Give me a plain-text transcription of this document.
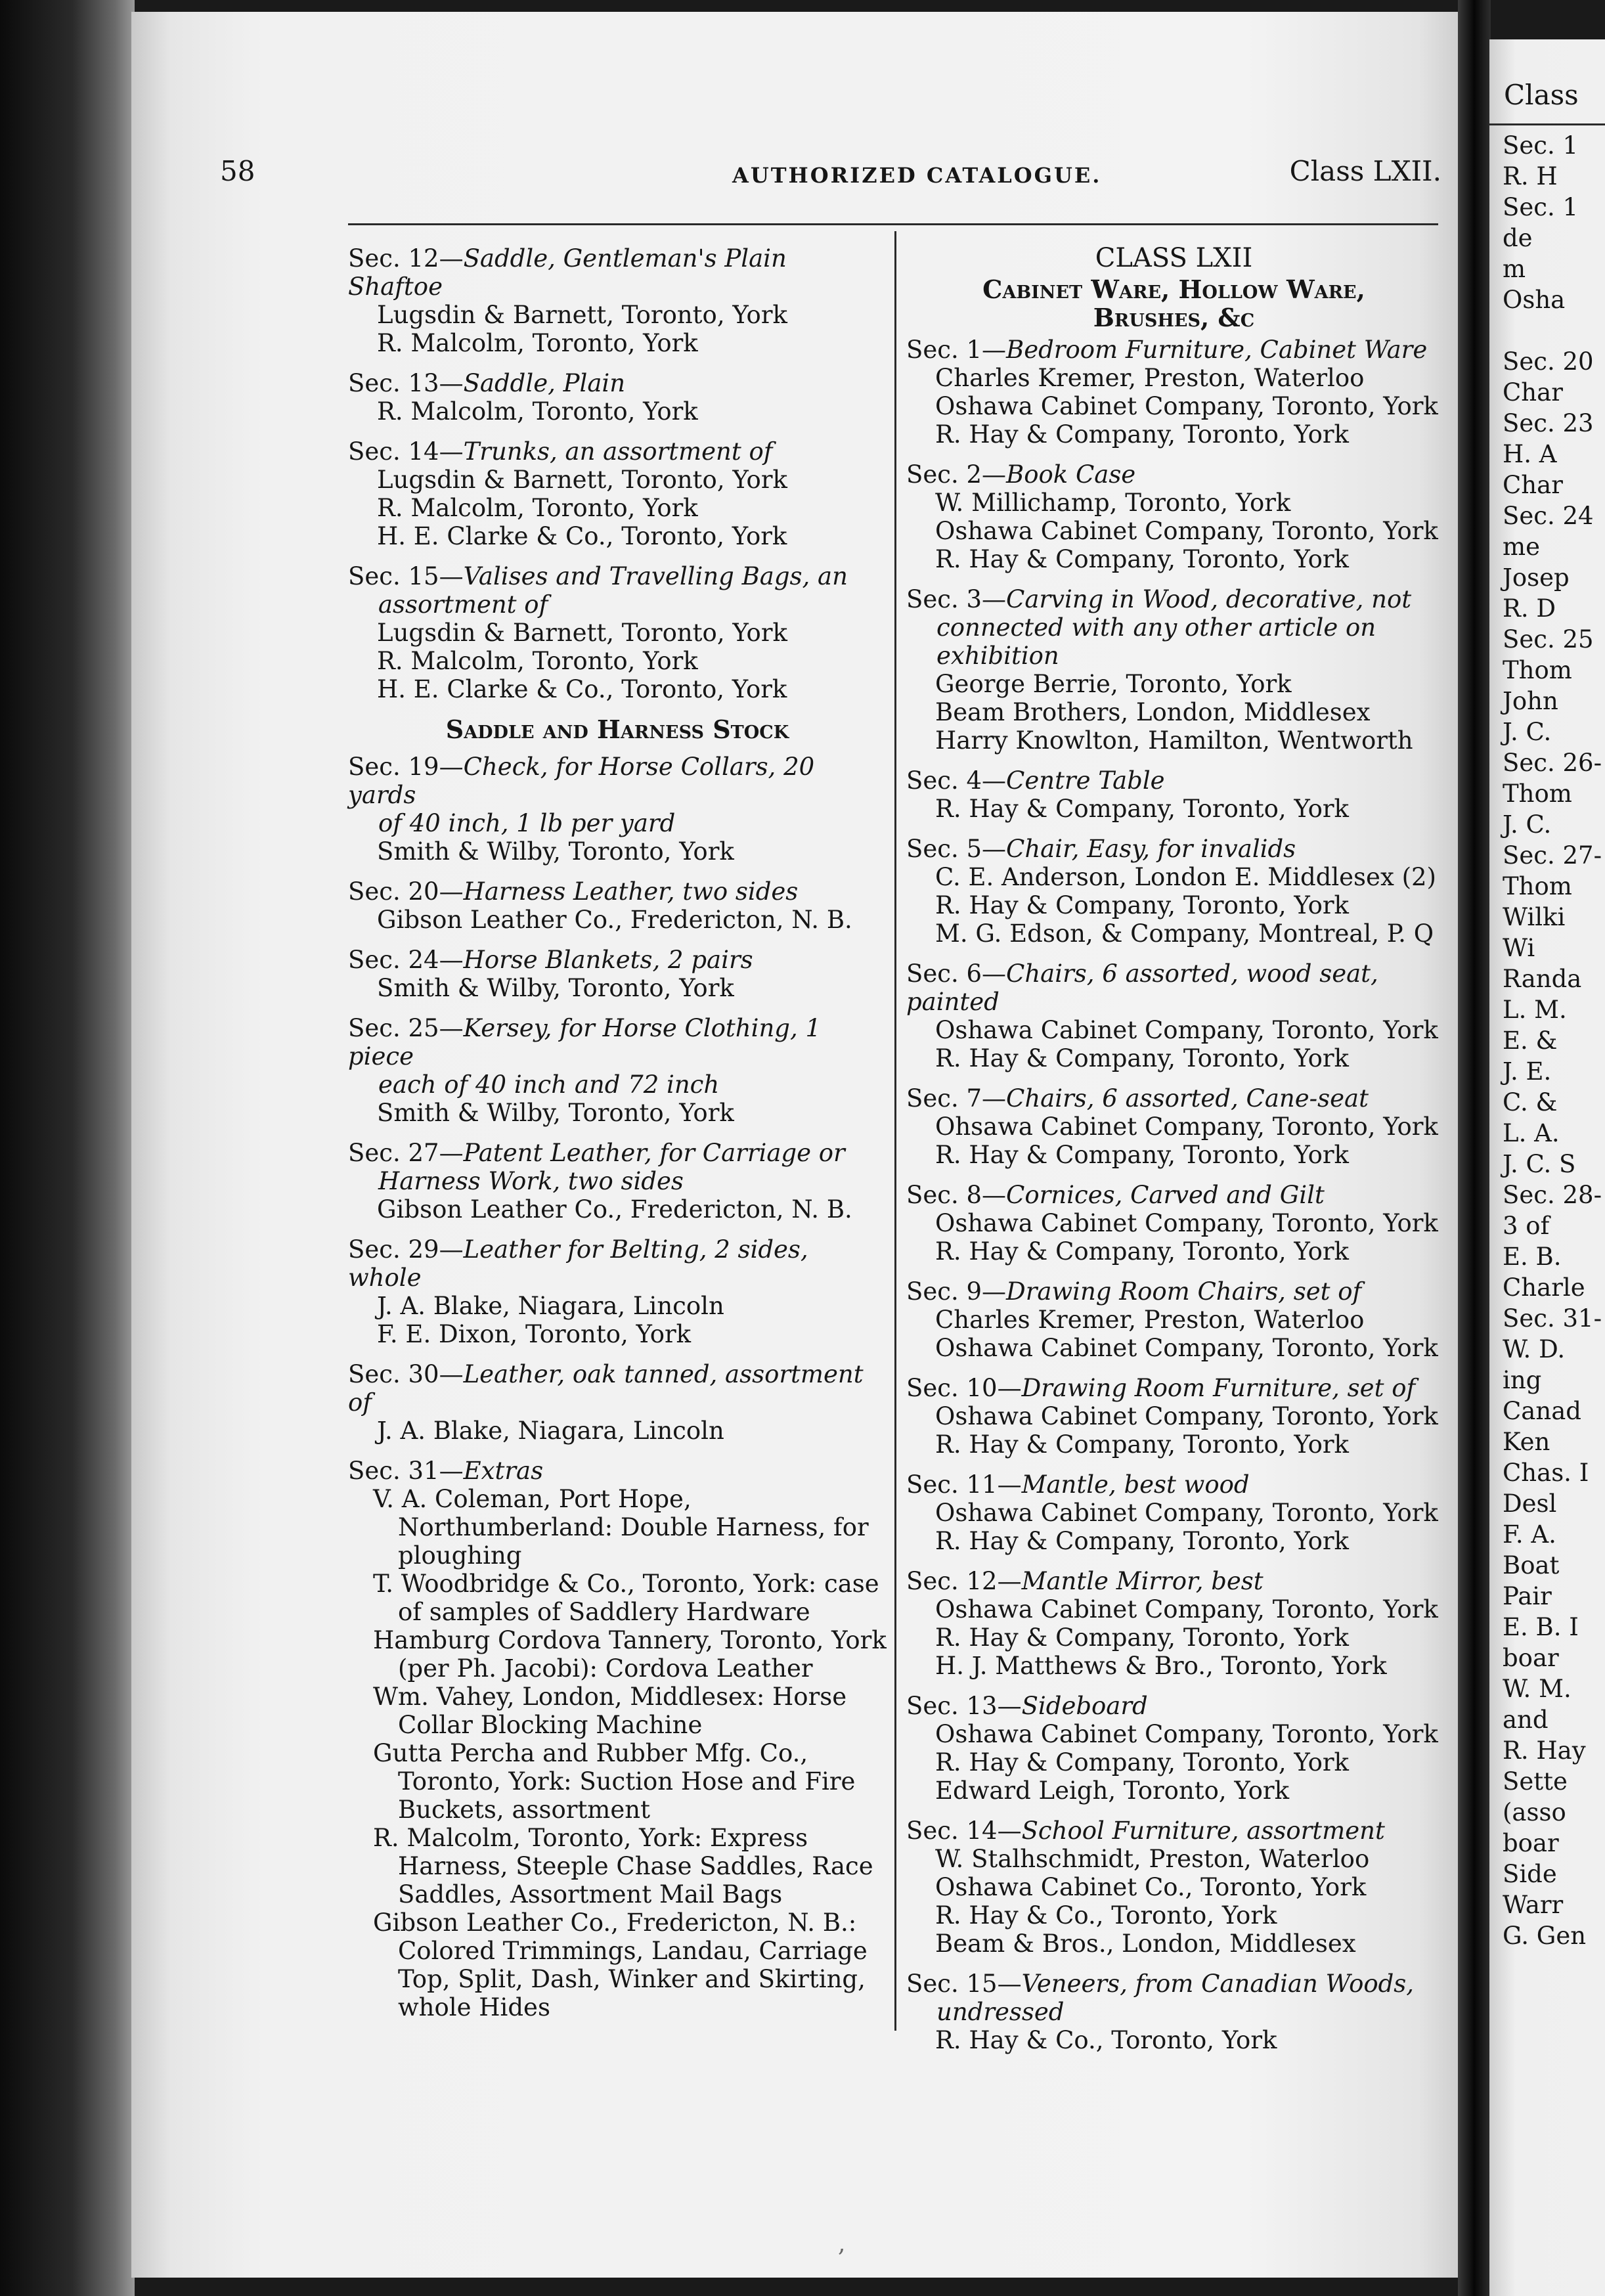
58	AUTHORIZED CATALOGUE.	Class LXII.
Sec. 12—Saddle, Gentleman's Plain Shaftoe
Lugsdin & Barnett, Toronto, York
R. Malcolm, Toronto, York
Sec. 13—Saddle, Plain
R. Malcolm, Toronto, York
Sec. 14—Trunks, an assortment of
Lugsdin & Barnett, Toronto, York
R. Malcolm, Toronto, York
H. E. Clarke & Co., Toronto, York
Sec. 15—Valises and Travelling Bags, an
assortment of
Lugsdin & Barnett, Toronto, York
R. Malcolm, Toronto, York
H. E. Clarke & Co., Toronto, York
Saddle and Harness Stock
Sec. 19—Check, for Horse Collars, 20 yards
of 40 inch, 1 lb per yard
Smith & Wilby, Toronto, York
Sec. 20—Harness Leather, two sides
Gibson Leather Co., Fredericton, N. B.
Sec. 24—Horse Blankets, 2 pairs
Smith & Wilby, Toronto, York
Sec. 25—Kersey, for Horse Clothing, 1 piece
each of 40 inch and 72 inch
Smith & Wilby, Toronto, York
Sec. 27—Patent Leather, for Carriage or
Harness Work, two sides
Gibson Leather Co., Fredericton, N. B.
Sec. 29—Leather for Belting, 2 sides, whole
J. A. Blake, Niagara, Lincoln
F. E. Dixon, Toronto, York
Sec. 30—Leather, oak tanned, assortment of
J. A. Blake, Niagara, Lincoln
Sec. 31—Extras
V. A. Coleman, Port Hope, Northumberland: Double Harness, for ploughing
T. Woodbridge & Co., Toronto, York: case of samples of Saddlery Hardware
Hamburg Cordova Tannery, Toronto, York (per Ph. Jacobi): Cordova Leather
Wm. Vahey, London, Middlesex: Horse Collar Blocking Machine
Gutta Percha and Rubber Mfg. Co., Toronto, York: Suction Hose and Fire Buckets, assortment
R. Malcolm, Toronto, York: Express Harness, Steeple Chase Saddles, Race Saddles, Assortment Mail Bags
Gibson Leather Co., Fredericton, N. B.: Colored Trimmings, Landau, Carriage Top, Split, Dash, Winker and Skirting, whole Hides
CLASS LXII
Cabinet Ware, Hollow Ware,
Brushes, &c
Sec. 1—Bedroom Furniture, Cabinet Ware
Charles Kremer, Preston, Waterloo
Oshawa Cabinet Company, Toronto, York
R. Hay & Company, Toronto, York
Sec. 2—Book Case
W. Millichamp, Toronto, York
Oshawa Cabinet Company, Toronto, York
R. Hay & Company, Toronto, York
Sec. 3—Carving in Wood, decorative, not
connected with any other article on exhibition
George Berrie, Toronto, York
Beam Brothers, London, Middlesex
Harry Knowlton, Hamilton, Wentworth
Sec. 4—Centre Table
R. Hay & Company, Toronto, York
Sec. 5—Chair, Easy, for invalids
C. E. Anderson, London E. Middlesex (2)
R. Hay & Company, Toronto, York
M. G. Edson, & Company, Montreal, P. Q
Sec. 6—Chairs, 6 assorted, wood seat, painted
Oshawa Cabinet Company, Toronto, York
R. Hay & Company, Toronto, York
Sec. 7—Chairs, 6 assorted, Cane-seat
Ohsawa Cabinet Company, Toronto, York
R. Hay & Company, Toronto, York
Sec. 8—Cornices, Carved and Gilt
Oshawa Cabinet Company, Toronto, York
R. Hay & Company, Toronto, York
Sec. 9—Drawing Room Chairs, set of
Charles Kremer, Preston, Waterloo
Oshawa Cabinet Company, Toronto, York
Sec. 10—Drawing Room Furniture, set of
Oshawa Cabinet Company, Toronto, York
R. Hay & Company, Toronto, York
Sec. 11—Mantle, best wood
Oshawa Cabinet Company, Toronto, York
R. Hay & Company, Toronto, York
Sec. 12—Mantle Mirror, best
Oshawa Cabinet Company, Toronto, York
R. Hay & Company, Toronto, York
H. J. Matthews & Bro., Toronto, York
Sec. 13—Sideboard
Oshawa Cabinet Company, Toronto, York
R. Hay & Company, Toronto, York
Edward Leigh, Toronto, York
Sec. 14—School Furniture, assortment
W. Stalhschmidt, Preston, Waterloo
Oshawa Cabinet Co., Toronto, York
R. Hay & Co., Toronto, York
Beam & Bros., London, Middlesex
Sec. 15—Veneers, from Canadian Woods,
undressed
R. Hay & Co., Toronto, York
Class
Sec. 1
R. H
Sec. 1
de
m
Osha

Sec. 20
Char
Sec. 23
H. A
Char
Sec. 24
me
Josep
R. D
Sec. 25
Thom
John
J. C.
Sec. 26-
Thom
J. C.
Sec. 27-
Thom
Wilki
Wi
Randa
L. M.
E. &
J. E.
C. &
L. A.
J. C. S
Sec. 28-
3 of
E. B.
Charle
Sec. 31-
W. D.
ing
Canad
Ken
Chas. I
Desl
F. A.
Boat
Pair
E. B. I
boar
W. M.
and
R. Hay
Sette
(asso
boar
Side
Warr
G. Gen
,
